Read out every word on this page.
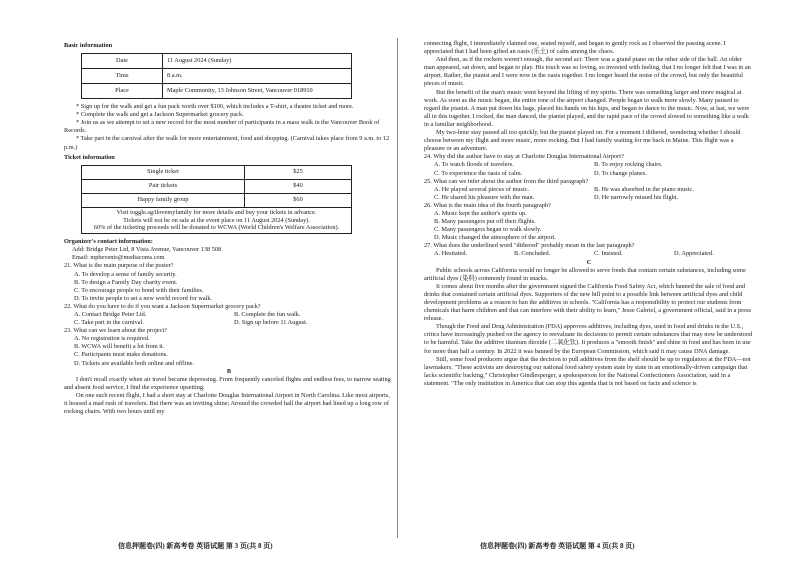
Basic information

Date	11 August 2024 (Sunday)
Time	8 a.m.
Place	Maple Community, 13 Johnson Street, Vancouver 018910

* Sign up for the walk and get a fun pack worth over $100, which includes a T-shirt, a theatre ticket and more.

* Complete the walk and get a Jackson Supermarket grocery pack.

* Join us as we attempt to set a new record for the most number of participants in a mass walk in the Vancouver Book of Records.

* Take part in the carnival after the walk for more entertainment, food and shopping. (Carnival takes place from 9 a.m. to 12 p.m.)

Ticket information

Single ticket	$25
Pair tickets	$40
Happy family group	$60

Visit toggle.sg/ilovemyfamily for more details and buy your tickets in advance.
Tickets will not be on sale at the event place on 11 August 2024 (Sunday).
60% of the ticketing proceeds will be donated to WCWA (World Children's Welfare Association).	

Organizer's contact information:

Add: Bridge Peter Ltd, 8 Vista Avenue, Vancouver 138 508

Email: mpbevents@mediacoms.com

21. What is the main purpose of the poster?

A. To develop a sense of family security.

B. To design a Family Day charity event.

C. To encourage people to bond with their families.

D. To invite people to set a new world record for walk.

22. What do you have to do if you want a Jackson Supermarket grocery pack?

A. Contact Bridge Peter Ltd.	B. Complete the fun walk.
C. Take part in the carnival.	D. Sign up before 11 August.

23. What can we learn about the project?

A. No registration is required.

B. WCWA will benefit a lot from it.

C. Participants must make donations.

D. Tickets are available both online and offline.

B

I don't recall exactly when air travel became depressing. From frequently canceled flights and endless fees, to narrow seating and absent food service, I find the experience upsetting.

On one such recent flight, I had a short stay at Charlotte Douglas International Airport in North Carolina. Like most airports, it housed a mad rush of travelers. But there was an inviting shine; Around the crowded hall the airport had lined up a long row of rocking chairs. With two hours until my

connecting flight, I immediately claimed one, seated myself, and began to gently rock as I observed the passing scene. I appreciated that I had been gifted an oasis (乐土) of calm among the chaos.

And then, as if the rockers weren't enough, the second act: There was a grand piano on the other side of the hall. An older man appeared, sat down, and began to play. His touch was so loving, so invested with feeling, that I no longer felt that I was in an airport. Rather, the pianist and I were now in the oasis together. I no longer heard the noise of the crowd, but only the beautiful pieces of music.

But the benefit of the man's music went beyond the lifting of my spirits. There was something larger and more magical at work. As soon as the music began, the entire tone of the airport changed. People began to walk more slowly. Many paused to regard the pianist. A man put down his bags, placed his hands on his hips, and began to dance to the music. Now, at last, we were all in this together. I rocked, the man danced, the pianist played, and the rapid pace of the crowd slowed to something like a walk in a familiar neighborhood.

My two-hour stay passed all too quickly, but the pianist played on. For a moment I dithered, wondering whether I should choose between my flight and more music, more rocking. But I had family waiting for me back in Maine. This flight was a pleasure or an adventure.

24. Why did the author have to stay at Charlotte Douglas International Airport?

A. To watch floods of travelers.	B. To enjoy rocking chairs.
C. To experience the oasis of calm.	D. To change planes.

25. What can we infer about the author from the third paragraph?

A. He played several pieces of music.	B. He was absorbed in the piano music.
C. He shared his pleasure with the man.	D. He narrowly missed his flight.

26. What is the main idea of the fourth paragraph?

A. Music kept the author's spirits up.

B. Many passengers put off their flights.

C. Many passengers began to walk slowly.

D. Music changed the atmosphere of the airport.

27. What does the underlined word "dithered" probably mean in the last paragraph?

A. Hesitated.	B. Concluded.	C. Insisted.	D. Appreciated.

C

Public schools across California would no longer be allowed to serve foods that contain certain substances, including some artificial dyes (染料) commonly found in snacks.

It comes about five months after the government signed the California Food Safety Act, which banned the sale of food and drinks that contained certain artificial dyes. Supporters of the new bill point to a possible link between artificial dyes and child development problems as a reason to ban the additives in schools. "California has a responsibility to protect our students from chemicals that harm children and that can interfere with their ability to learn," Jesse Gabriel, a government official, said in a press release.

Though the Food and Drug Administration (FDA) approves additives, including dyes, used in food and drinks in the U.S., critics have increasingly pushed on the agency to reevaluate its decisions to permit certain substances that may now be understood to be harmful. Take the additive titanium dioxide (二氧化钛). It produces a "smooth finish" and shine in food and has been in use for more than half a century. In 2022 it was banned by the European Commission, which said it may cause DNA damage.

Still, some food producers argue that the decision to pull additives from the shelf should be up to regulators at the FDA—not lawmakers. "These activists are destroying our national food safety system state by state in an emotionally-driven campaign that lacks scientific backing," Christopher Gindlesperger, a spokesperson for the National Confectioners Association, said in a statement. "The only institution in America that can stop this agenda that is not based on facts and science is

信息押题卷(四) 新高考卷 英语试题 第 3 页(共 8 页)	信息押题卷(四) 新高考卷 英语试题 第 4 页(共 8 页)
